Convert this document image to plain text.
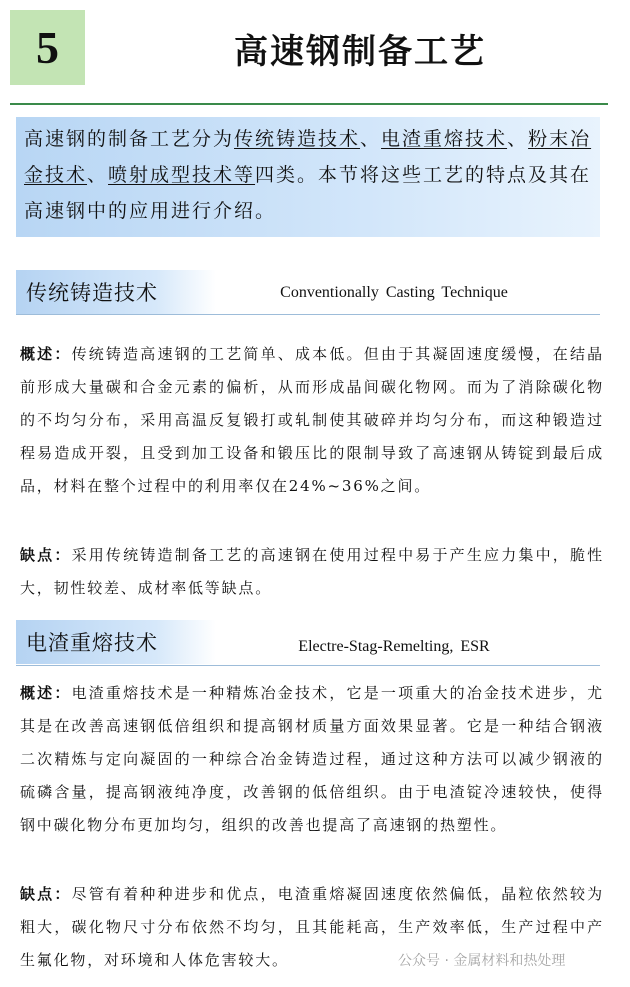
5	高速钢制备工艺
高速钢的制备工艺分为传统铸造技术、电渣重熔技术、粉末冶金技术、喷射成型技术等四类。本节将这些工艺的特点及其在高速钢中的应用进行介绍。
传统铸造技术	Conventionally Casting Technique
概述：传统铸造高速钢的工艺简单、成本低。但由于其凝固速度缓慢，在结晶前形成大量碳和合金元素的偏析，从而形成晶间碳化物网。而为了消除碳化物的不均匀分布，采用高温反复锻打或轧制使其破碎并均匀分布，而这种锻造过程易造成开裂，且受到加工设备和锻压比的限制导致了高速钢从铸锭到最后成品，材料在整个过程中的利用率仅在24%~36%之间。
缺点：采用传统铸造制备工艺的高速钢在使用过程中易于产生应力集中，脆性大，韧性较差、成材率低等缺点。
电渣重熔技术	Electre-Stag-Remelting, ESR
概述：电渣重熔技术是一种精炼冶金技术，它是一项重大的冶金技术进步，尤其是在改善高速钢低倍组织和提高钢材质量方面效果显著。它是一种结合钢液二次精炼与定向凝固的一种综合冶金铸造过程，通过这种方法可以减少钢液的硫磷含量，提高钢液纯净度，改善钢的低倍组织。由于电渣锭冷速较快，使得钢中碳化物分布更加均匀，组织的改善也提高了高速钢的热塑性。
缺点：尽管有着种种进步和优点，电渣重熔凝固速度依然偏低，晶粒依然较为粗大，碳化物尺寸分布依然不均匀，且其能耗高，生产效率低，生产过程中产生氟化物，对环境和人体危害较大。	公众号 · 金属材料和热处理
